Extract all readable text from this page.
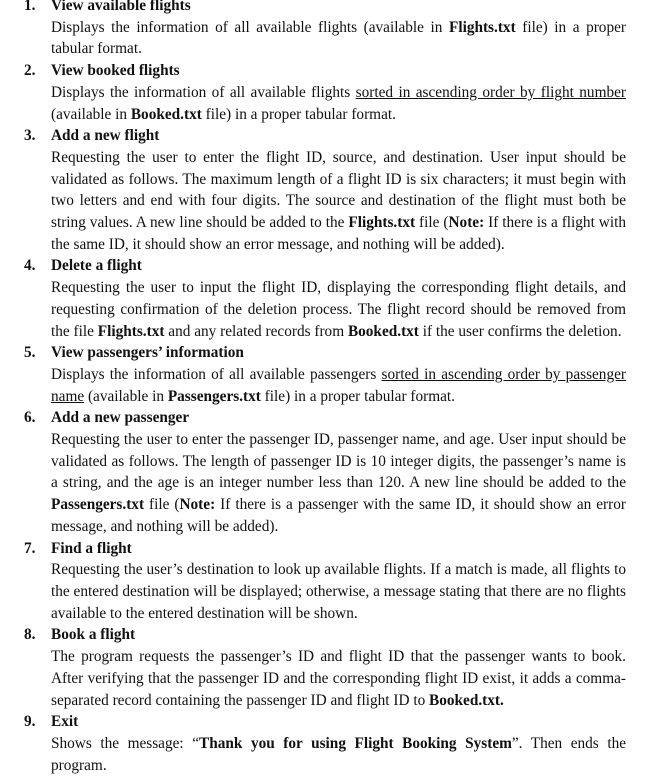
1. View available flights
Displays the information of all available flights (available in Flights.txt file) in a proper tabular format.
2. View booked flights
Displays the information of all available flights sorted in ascending order by flight number (available in Booked.txt file) in a proper tabular format.
3. Add a new flight
Requesting the user to enter the flight ID, source, and destination. User input should be validated as follows. The maximum length of a flight ID is six characters; it must begin with two letters and end with four digits. The source and destination of the flight must both be string values. A new line should be added to the Flights.txt file (Note: If there is a flight with the same ID, it should show an error message, and nothing will be added).
4. Delete a flight
Requesting the user to input the flight ID, displaying the corresponding flight details, and requesting confirmation of the deletion process. The flight record should be removed from the file Flights.txt and any related records from Booked.txt if the user confirms the deletion.
5. View passengers’ information
Displays the information of all available passengers sorted in ascending order by passenger name (available in Passengers.txt file) in a proper tabular format.
6. Add a new passenger
Requesting the user to enter the passenger ID, passenger name, and age. User input should be validated as follows. The length of passenger ID is 10 integer digits, the passenger’s name is a string, and the age is an integer number less than 120. A new line should be added to the Passengers.txt file (Note: If there is a passenger with the same ID, it should show an error message, and nothing will be added).
7. Find a flight
Requesting the user’s destination to look up available flights. If a match is made, all flights to the entered destination will be displayed; otherwise, a message stating that there are no flights available to the entered destination will be shown.
8. Book a flight
The program requests the passenger’s ID and flight ID that the passenger wants to book. After verifying that the passenger ID and the corresponding flight ID exist, it adds a comma-separated record containing the passenger ID and flight ID to Booked.txt.
9. Exit
Shows the message: “Thank you for using Flight Booking System”. Then ends the program.
